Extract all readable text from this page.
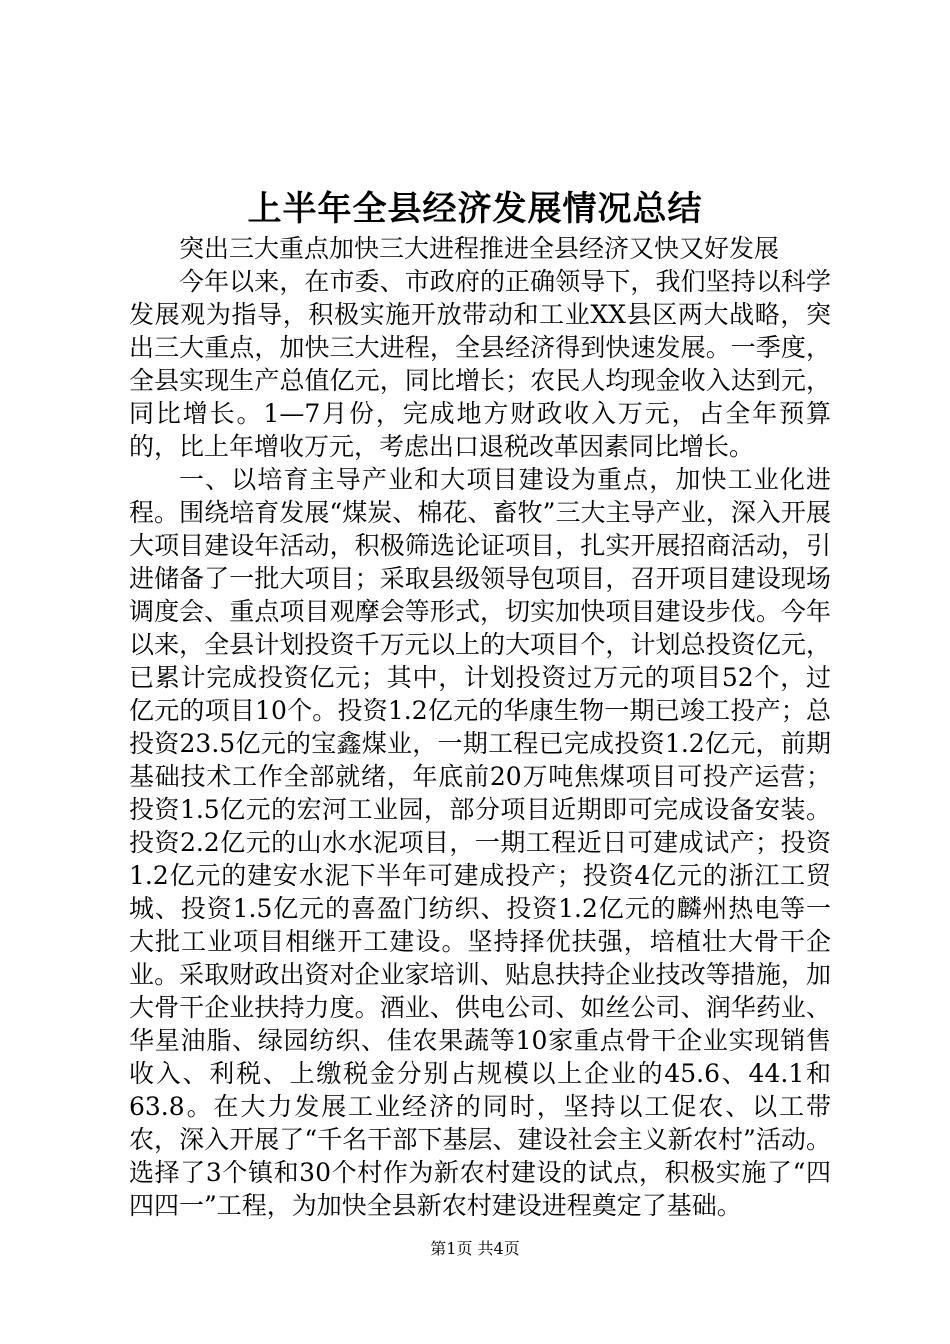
上半年全县经济发展情况总结

突出三大重点加快三大进程推进全县经济又快又好发展

今年以来，在市委、市政府的正确领导下，我们坚持以科学发展观为指导，积极实施开放带动和工业XX县区两大战略，突出三大重点，加快三大进程，全县经济得到快速发展。一季度，全县实现生产总值亿元，同比增长；农民人均现金收入达到元，同比增长。1—7月份，完成地方财政收入万元，占全年预算的，比上年增收万元，考虑出口退税改革因素同比增长。

一、以培育主导产业和大项目建设为重点，加快工业化进程。围绕培育发展“煤炭、棉花、畜牧”三大主导产业，深入开展大项目建设年活动，积极筛选论证项目，扎实开展招商活动，引进储备了一批大项目；采取县级领导包项目，召开项目建设现场调度会、重点项目观摩会等形式，切实加快项目建设步伐。今年以来，全县计划投资千万元以上的大项目个，计划总投资亿元，已累计完成投资亿元；其中，计划投资过万元的项目52个，过亿元的项目10个。投资1.2亿元的华康生物一期已竣工投产；总投资23.5亿元的宝鑫煤业，一期工程已完成投资1.2亿元，前期基础技术工作全部就绪，年底前20万吨焦煤项目可投产运营；投资1.5亿元的宏河工业园，部分项目近期即可完成设备安装。投资2.2亿元的山水水泥项目，一期工程近日可建成试产；投资1.2亿元的建安水泥下半年可建成投产；投资4亿元的浙江工贸城、投资1.5亿元的喜盈门纺织、投资1.2亿元的麟州热电等一大批工业项目相继开工建设。坚持择优扶强，培植壮大骨干企业。采取财政出资对企业家培训、贴息扶持企业技改等措施，加大骨干企业扶持力度。酒业、供电公司、如丝公司、润华药业、华星油脂、绿园纺织、佳农果蔬等10家重点骨干企业实现销售收入、利税、上缴税金分别占规模以上企业的45.6、44.1和63.8。在大力发展工业经济的同时，坚持以工促农、以工带农，深入开展了“千名干部下基层、建设社会主义新农村”活动。选择了3个镇和30个村作为新农村建设的试点，积极实施了“四四四一”工程，为加快全县新农村建设进程奠定了基础。

第1页 共4页
